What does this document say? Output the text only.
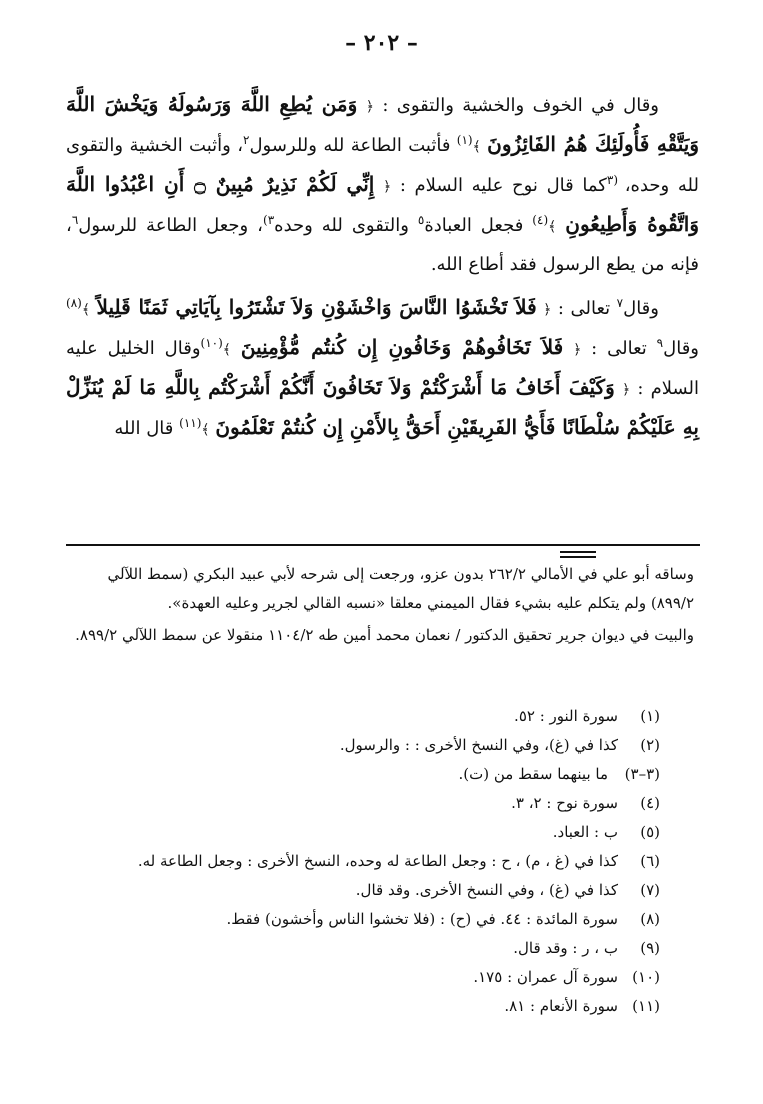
– ٢٠٢ –

وقال في الخوف والخشية والتقوى : ﴿ وَمَن يُطِعِ اللَّهَ وَرَسُولَهُ وَيَخْشَ اللَّهَ وَيَتَّقْهِ فَأُولَئِكَ هُمُ الفَائِزُونَ ﴾$^{(١)}$ فأثبت الطاعة لله وللرسول$^٢$، وأثبت الخشية والتقوى لله وحده، $^{(٣}$كما قال نوح عليه السلام : ﴿ إِنِّي لَكُمْ نَذِيرٌ مُبِينٌ ۝ أَنِ اعْبُدُوا اللَّهَ وَاتَّقُوهُ وَأَطِيعُونِ ﴾$^{(٤)}$ فجعل العبادة$^٥$ والتقوى لله وحده$^{٣)}$، وجعل الطاعة للرسول$^٦$، فإنه من يطع الرسول فقد أطاع الله.

وقال$^٧$ تعالى : ﴿ فَلاَ تَخْشَوُا النَّاسَ وَاخْشَوْنِ وَلاَ تَشْتَرُوا بِآيَاتِي ثَمَنًا قَلِيلاً ﴾$^{(٨)}$ وقال$^٩$ تعالى : ﴿ فَلاَ تَخَافُوهُمْ وَخَافُونِ إِن كُنتُم مُّؤْمِنِينَ ﴾$^{(١٠)}$وقال الخليل عليه السلام : ﴿ وَكَيْفَ أَخَافُ مَا أَشْرَكْتُمْ وَلاَ تَخَافُونَ أَنَّكُمْ أَشْرَكْتُم بِاللَّهِ مَا لَمْ يُنَزِّلْ بِهِ عَلَيْكُمْ سُلْطَانًا فَأَيُّ الفَرِيقَيْنِ أَحَقُّ بِالأَمْنِ إِن كُنتُمْ تَعْلَمُونَ ﴾$^{(١١)}$ قال الله

وساقه أبو علي في الأمالي ٢٦٢/٢ بدون عزو، ورجعت إلى شرحه لأبي عبيد البكري (سمط اللآلي ٨٩٩/٢) ولم يتكلم عليه بشيء فقال الميمني معلقا «نسبه القالي لجرير وعليه العهدة».

والبيت في ديوان جرير تحقيق الدكتور / نعمان محمد أمين طه ١١٠٤/٢ منقولا عن سمط اللآلي ٨٩٩/٢.

(١)
سورة النور : ٥٢.
(٢)
كذا في (غ)، وفي النسخ الأخرى : : والرسول.
(٣–٣)
ما بينهما سقط من (ت).
(٤)
سورة نوح : ٢، ٣.
(٥)
ب : العباد.
(٦)
كذا في (غ ، م) ، ح : وجعل الطاعة له وحده، النسخ الأخرى : وجعل الطاعة له.
(٧)
كذا في (غ) ، وفي النسخ الأخرى. وقد قال.
(٨)
سورة المائدة : ٤٤. في (ح) : (فلا تخشوا الناس وأخشون) فقط.
(٩)
ب ، ر : وقد قال.
(١٠)
سورة آل عمران : ١٧٥.
(١١)
سورة الأنعام : ٨١.
